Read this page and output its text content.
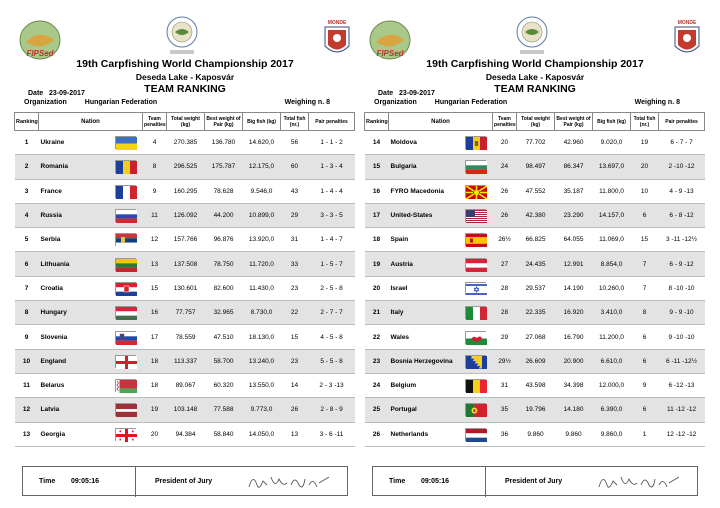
FIPSed
MONDE
19th Carpfishing World Championship 2017
Deseda Lake - Kaposvár
TEAM RANKING
Date 23-09-2017
Organization	Hungarian Federation	Weighing n. 8
Ranking	Nation		Team penalties	Total weight (kg)	Best weight of Pair (kg)	Big fish (kg)	Total fish (nr.)	Pair penalties
1	Ukraine		4	270.385	136.780	14.620,0	56	1 - 1 - 2
2	Romania		8	296.525	175.787	12.175,0	60	1 - 3 - 4
3	France		9	160.295	78.628	9.546,0	43	1 - 4 - 4
4	Russia		11	126.092	44.200	10.899,0	29	3 - 3 - 5
5	Serbia		12	157.766	96.876	13.920,0	31	1 - 4 - 7
6	Lithuania		13	137.508	78.750	11.720,0	33	1 - 5 - 7
7	Croatia		15	130.601	82.600	11.430,0	23	2 - 5 - 8
8	Hungary		16	77.757	32.965	8.730,0	22	2 - 7 - 7
9	Slovenia		17	78.559	47.510	18.130,0	15	4 - 5 - 8
10	England		18	113.337	58.700	13.240,0	23	5 - 5 - 8
11	Belarus		18	89.067	60.320	13.550,0	14	2 - 3 -13
12	Latvia		19	103.148	77.588	9.773,0	26	2 - 8 - 9
13	Georgia		20	94.384	58.840	14.050,0	13	3 - 6 -11
Time 09:05:16	President of Jury
FIPSed
MONDE
19th Carpfishing World Championship 2017
Deseda Lake - Kaposvár
TEAM RANKING
Date 23-09-2017
Organization	Hungarian Federation	Weighing n. 8
Ranking	Nation		Team penalties	Total weight (kg)	Best weight of Pair (kg)	Big fish (kg)	Total fish (nr.)	Pair penalties
14	Moldova		20	77.702	42.960	9.020,0	19	6 - 7 - 7
15	Bulgaria		24	98.497	86.347	13.697,0	20	2 -10 -12
16	FYRO Macedonia		26	47.552	35.187	11.800,0	10	4 - 9 -13
17	United-States		26	42.380	23.290	14.157,0	6	6 - 8 -12
18	Spain		26½	66.825	64.055	11.069,0	15	3 -11 -12½
19	Austria		27	24.435	12.991	8.854,0	7	6 - 9 -12
20	Israel		28	29.537	14.190	10.260,0	7	8 -10 -10
21	Italy		28	22.335	16.920	3.410,0	8	9 - 9 -10
22	Wales		29	27.068	16.790	11.200,0	6	9 -10 -10
23	Bosnia Herzegovina		29½	26.609	20.900	6.610,0	6	6 -11 -12½
24	Belgium		31	43.598	34.398	12.000,0	9	6 -12 -13
25	Portugal		35	19.796	14.180	6.390,0	6	11 -12 -12
26	Netherlands		36	9.860	9.860	9.860,0	1	12 -12 -12
Time 09:05:16	President of Jury
